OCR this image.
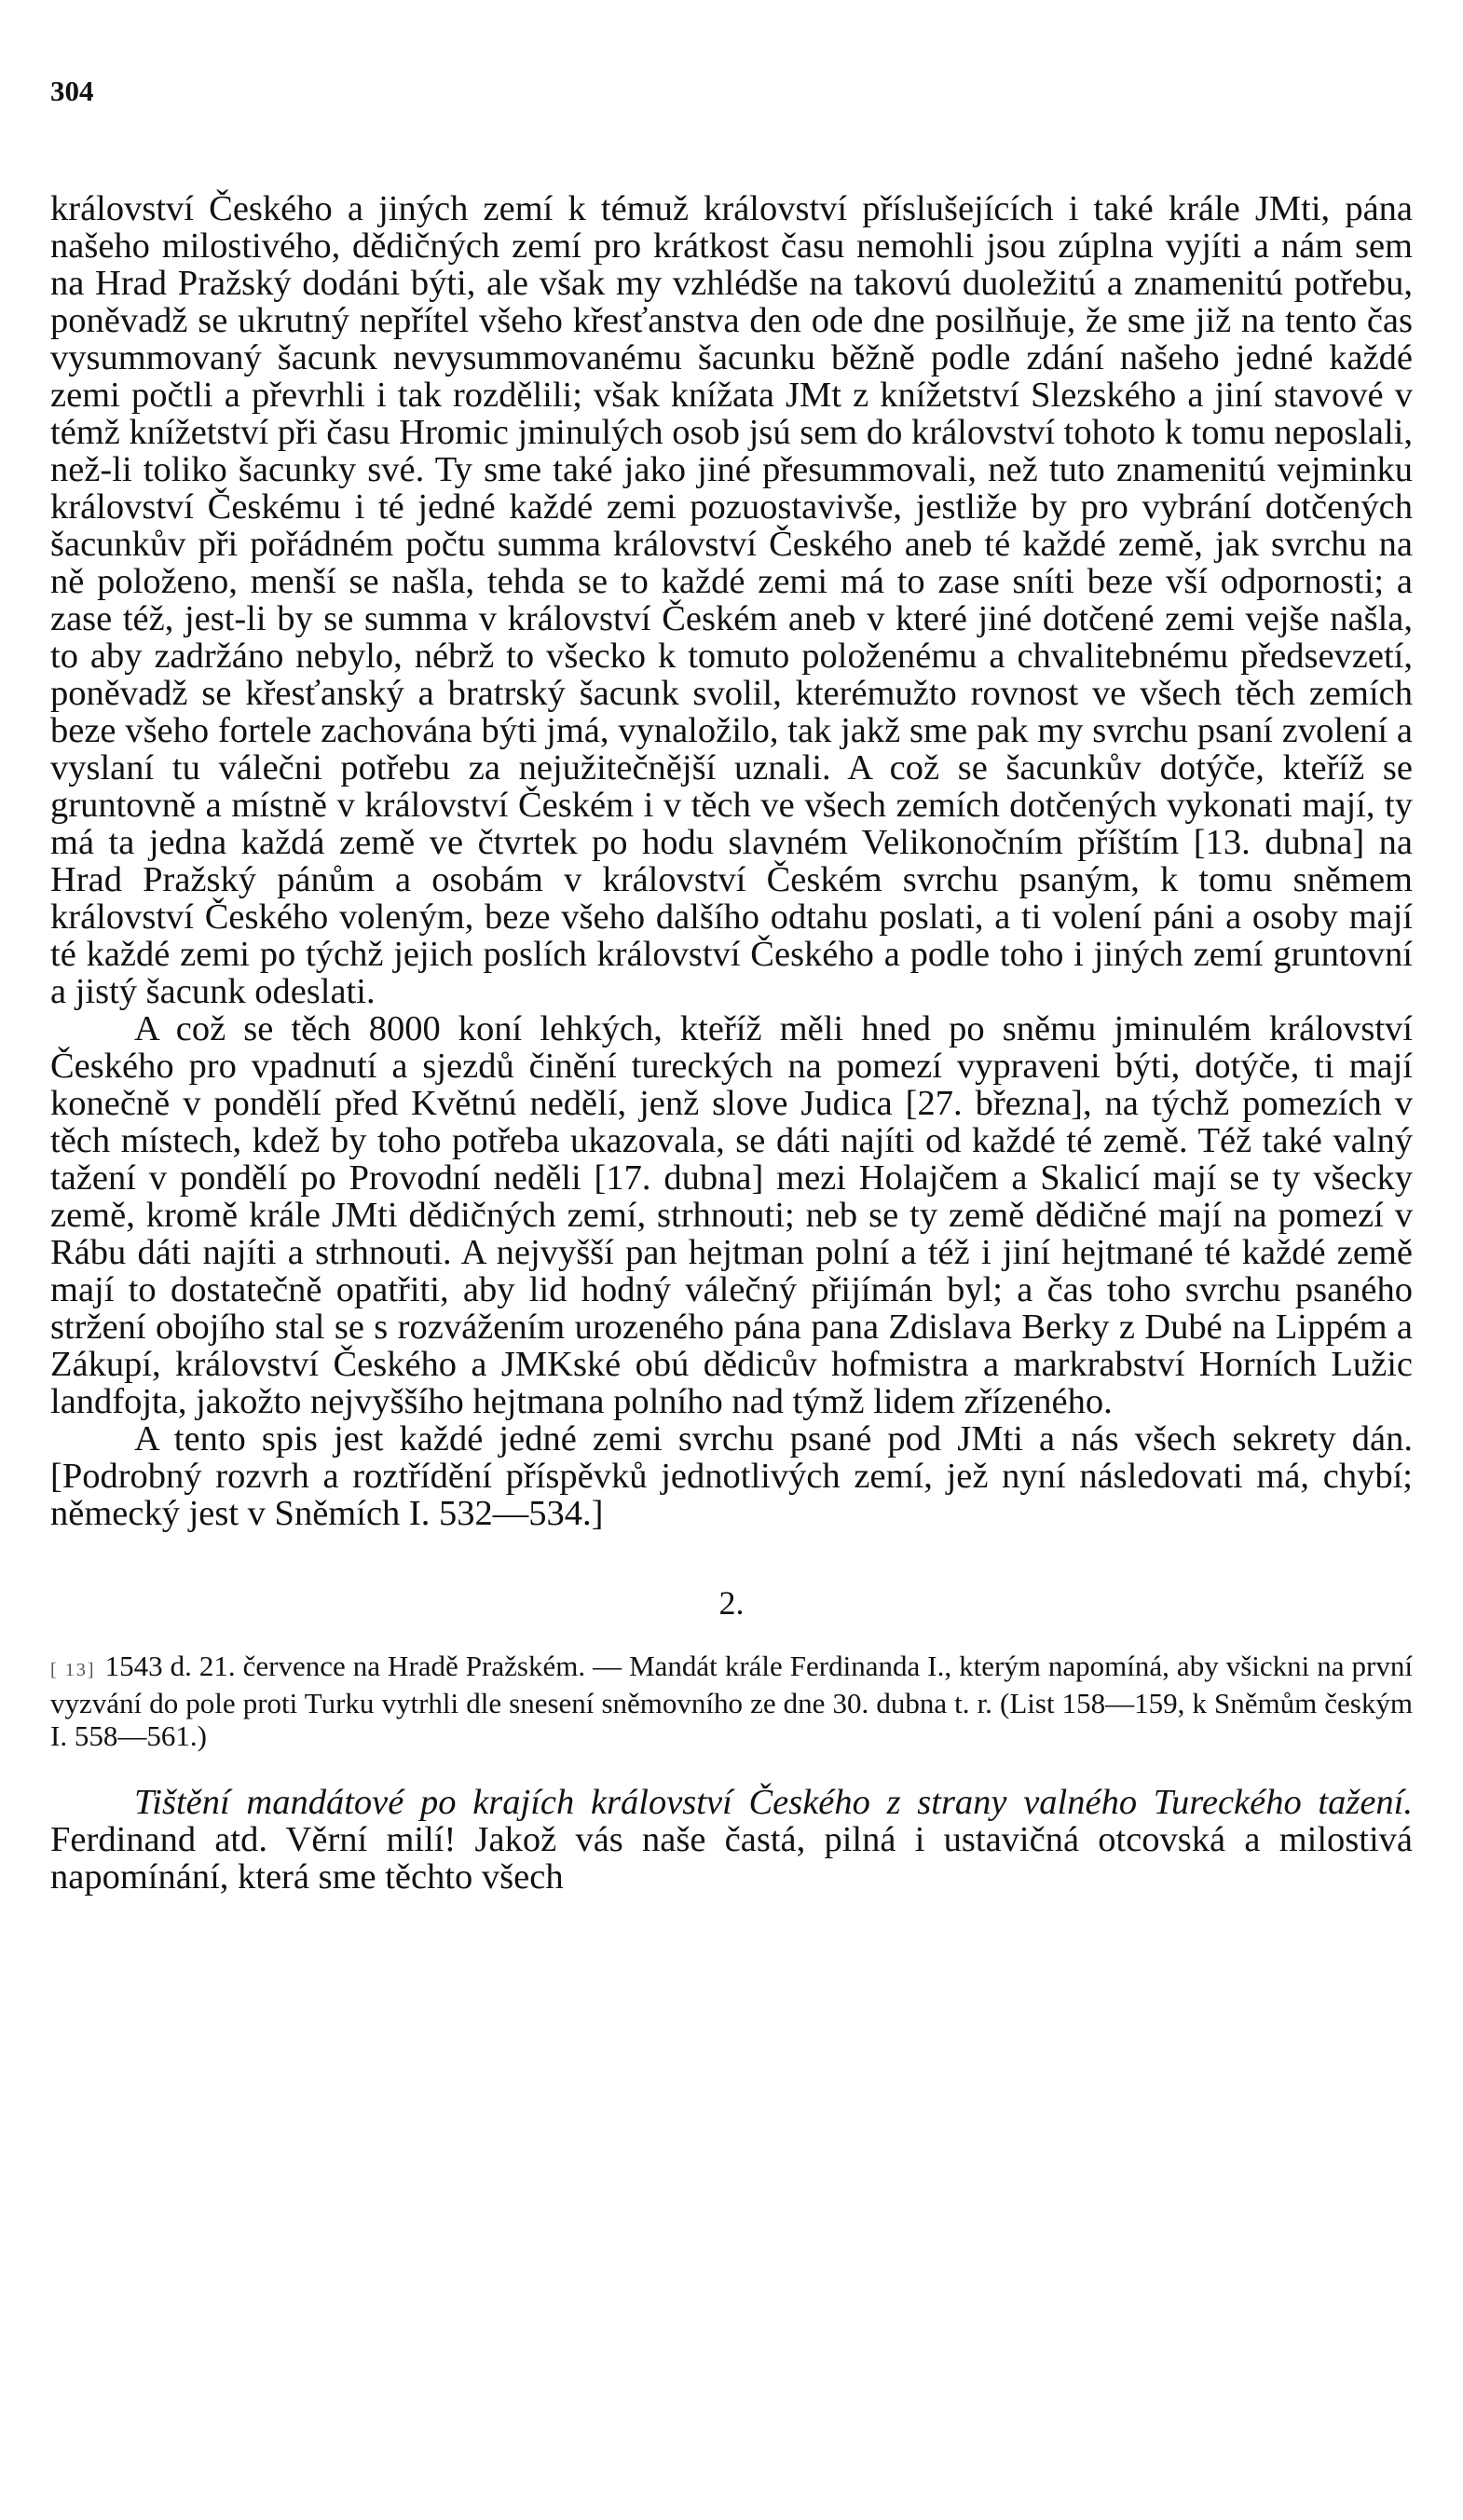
304

království Českého a jiných zemí k témuž království příslušejících i také krále JMti, pána našeho milostivého, dědičných zemí pro krátkost času nemohli jsou zúplna vyjíti a nám sem na Hrad Pražský dodáni býti, ale však my vzhlédše na takovú duoležitú a znamenitú potřebu, poněvadž se ukrutný nepřítel všeho křesťanstva den ode dne posilňuje, že sme již na tento čas vysummovaný šacunk nevysummovanému šacunku běžně podle zdání našeho jedné každé zemi počtli a převrhli i tak rozdělili; však knížata JMt z knížetství Slezského a jiní stavové v témž knížetství při času Hromic jminulých osob jsú sem do království tohoto k tomu neposlali, než-li toliko šacunky své. Ty sme také jako jiné přesummovali, než tuto znamenitú vejminku království Českému i té jedné každé zemi pozuostavivše, jestliže by pro vybrání dotčených šacunkův při pořádném počtu summa království Českého aneb té každé země, jak svrchu na ně položeno, menší se našla, tehda se to každé zemi má to zase sníti beze vší odpornosti; a zase též, jest-li by se summa v království Českém aneb v které jiné dotčené zemi vejše našla, to aby zadržáno nebylo, nébrž to všecko k tomuto položenému a chvalitebnému předsevzetí, poněvadž se křesťanský a bratrský šacunk svolil, kterémužto rovnost ve všech těch zemích beze všeho fortele zachována býti jmá, vynaložilo, tak jakž sme pak my svrchu psaní zvolení a vyslaní tu válečni potřebu za nejužitečnější uznali. A což se šacunkův dotýče, kteříž se gruntovně a místně v království Českém i v těch ve všech zemích dotčených vykonati mají, ty má ta jedna každá země ve čtvrtek po hodu slavném Velikonočním příštím [13. dubna] na Hrad Pražský pánům a osobám v království Českém svrchu psaným, k tomu sněmem království Českého voleným, beze všeho dalšího odtahu poslati, a ti volení páni a osoby mají té každé zemi po týchž jejich poslích království Českého a podle toho i jiných zemí gruntovní a jistý šacunk odeslati.

A což se těch 8000 koní lehkých, kteříž měli hned po sněmu jminulém království Českého pro vpadnutí a sjezdů činění tureckých na pomezí vypraveni býti, dotýče, ti mají konečně v pondělí před Květnú nedělí, jenž slove Judica [27. března], na týchž pomezích v těch místech, kdež by toho potřeba ukazovala, se dáti najíti od každé té země. Též také valný tažení v pondělí po Provodní neděli [17. dubna] mezi Holajčem a Skalicí mají se ty všecky země, kromě krále JMti dědičných zemí, strhnouti; neb se ty země dědičné mají na pomezí v Rábu dáti najíti a strhnouti. A nejvyšší pan hejtman polní a též i jiní hejtmané té každé země mají to dostatečně opatřiti, aby lid hodný válečný přijímán byl; a čas toho svrchu psaného stržení obojího stal se s rozvážením urozeného pána pana Zdislava Berky z Dubé na Lippém a Zákupí, království Českého a JMKské obú dědicův hofmistra a markrabství Horních Lužic landfojta, jakožto nejvyššího hejtmana polního nad týmž lidem zřízeného.

A tento spis jest každé jedné zemi svrchu psané pod JMti a nás všech sekrety dán. [Podrobný rozvrh a roztřídění příspěvků jednotlivých zemí, jež nyní následovati má, chybí; německý jest v Sněmích I. 532—534.]

2.

[ 13] 1543 d. 21. července na Hradě Pražském. — Mandát krále Ferdinanda I., kterým napomíná, aby všickni na první vyzvání do pole proti Turku vytrhli dle snesení sněmovního ze dne 30. dubna t. r. (List 158—159, k Sněmům českým I. 558—561.)

Tištění mandátové po krajích království Českého z strany valného Tureckého tažení. Ferdinand atd. Věrní milí! Jakož vás naše častá, pilná i ustavičná otcovská a milostivá napomínání, která sme těchto všech
